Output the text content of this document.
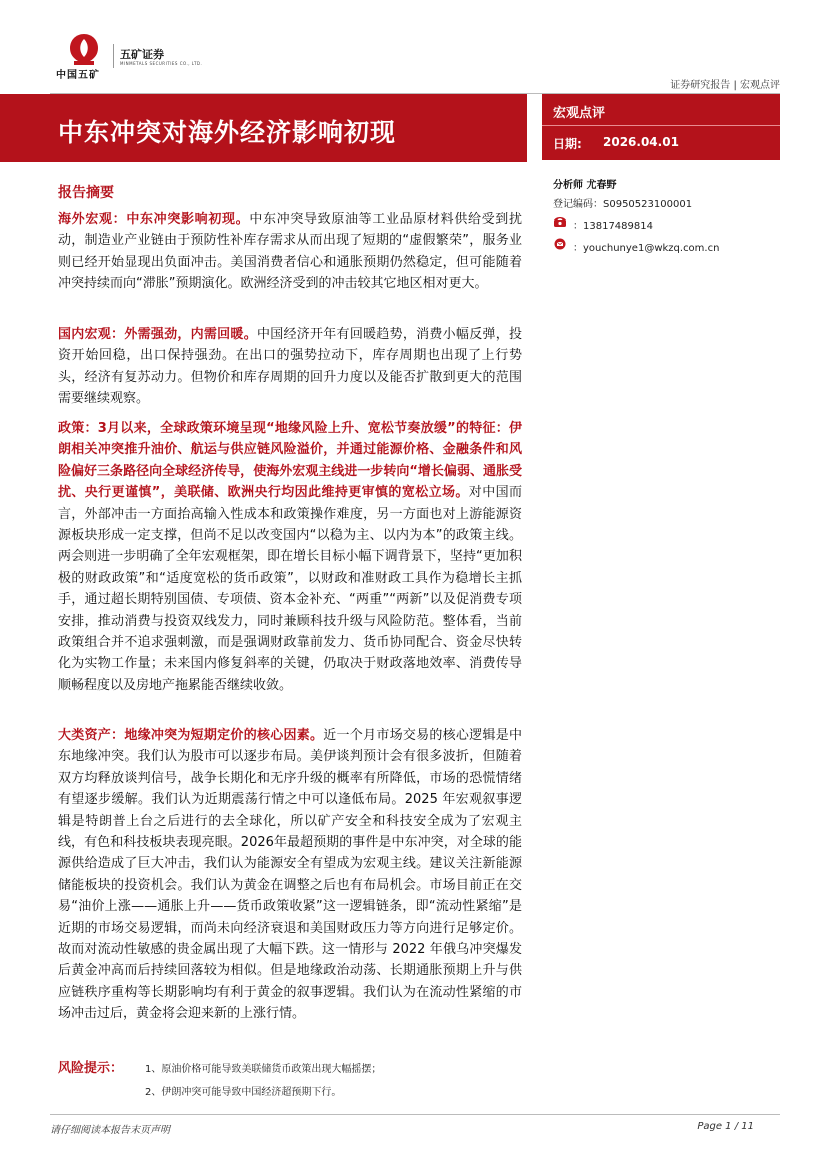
中国五矿
五矿证券
MINMETALS SECURITIES CO., LTD.
证券研究报告 | 宏观点评
中东冲突对海外经济影响初现
宏观点评
日期: 2026.04.01
分析师 尤春野
登记编码：S0950523100001
：13817489814
：youchunye1@wkzq.com.cn
报告摘要

海外宏观：中东冲突影响初现。中东冲突导致原油等工业品原材料供给受到扰动，制造业产业链由于预防性补库存需求从而出现了短期的“虚假繁荣”，服务业则已经开始显现出负面冲击。美国消费者信心和通胀预期仍然稳定，但可能随着冲突持续而向“滞胀”预期演化。欧洲经济受到的冲击较其它地区相对更大。

国内宏观：外需强劲，内需回暖。中国经济开年有回暖趋势，消费小幅反弹，投资开始回稳，出口保持强劲。在出口的强势拉动下，库存周期也出现了上行势头，经济有复苏动力。但物价和库存周期的回升力度以及能否扩散到更大的范围需要继续观察。

政策：3月以来，全球政策环境呈现“地缘风险上升、宽松节奏放缓”的特征：伊朗相关冲突推升油价、航运与供应链风险溢价，并通过能源价格、金融条件和风险偏好三条路径向全球经济传导，使海外宏观主线进一步转向“增长偏弱、通胀受扰、央行更谨慎”，美联储、欧洲央行均因此维持更审慎的宽松立场。对中国而言，外部冲击一方面抬高输入性成本和政策操作难度，另一方面也对上游能源资源板块形成一定支撑，但尚不足以改变国内“以稳为主、以内为本”的政策主线。两会则进一步明确了全年宏观框架，即在增长目标小幅下调背景下，坚持“更加积极的财政政策”和“适度宽松的货币政策”，以财政和准财政工具作为稳增长主抓手，通过超长期特别国债、专项债、资本金补充、“两重”“两新”以及促消费专项安排，推动消费与投资双线发力，同时兼顾科技升级与风险防范。整体看，当前政策组合并不追求强刺激，而是强调财政靠前发力、货币协同配合、资金尽快转化为实物工作量；未来国内修复斜率的关键，仍取决于财政落地效率、消费传导顺畅程度以及房地产拖累能否继续收敛。

大类资产：地缘冲突为短期定价的核心因素。近一个月市场交易的核心逻辑是中东地缘冲突。我们认为股市可以逐步布局。美伊谈判预计会有很多波折，但随着双方均释放谈判信号，战争长期化和无序升级的概率有所降低，市场的恐慌情绪有望逐步缓解。我们认为近期震荡行情之中可以逢低布局。2025 年宏观叙事逻辑是特朗普上台之后进行的去全球化，所以矿产安全和科技安全成为了宏观主线，有色和科技板块表现亮眼。2026年最超预期的事件是中东冲突，对全球的能源供给造成了巨大冲击，我们认为能源安全有望成为宏观主线。建议关注新能源储能板块的投资机会。我们认为黄金在调整之后也有布局机会。市场目前正在交易“油价上涨——通胀上升——货币政策收紧”这一逻辑链条，即“流动性紧缩”是近期的市场交易逻辑，而尚未向经济衰退和美国财政压力等方向进行足够定价。故而对流动性敏感的贵金属出现了大幅下跌。这一情形与 2022 年俄乌冲突爆发后黄金冲高而后持续回落较为相似。但是地缘政治动荡、长期通胀预期上升与供应链秩序重构等长期影响均有利于黄金的叙事逻辑。我们认为在流动性紧缩的市场冲击过后，黄金将会迎来新的上涨行情。

风险提示： 1、原油价格可能导致美联储货币政策出现大幅摇摆；
2、伊朗冲突可能导致中国经济超预期下行。
请仔细阅读本报告末页声明	Page 1 / 11
